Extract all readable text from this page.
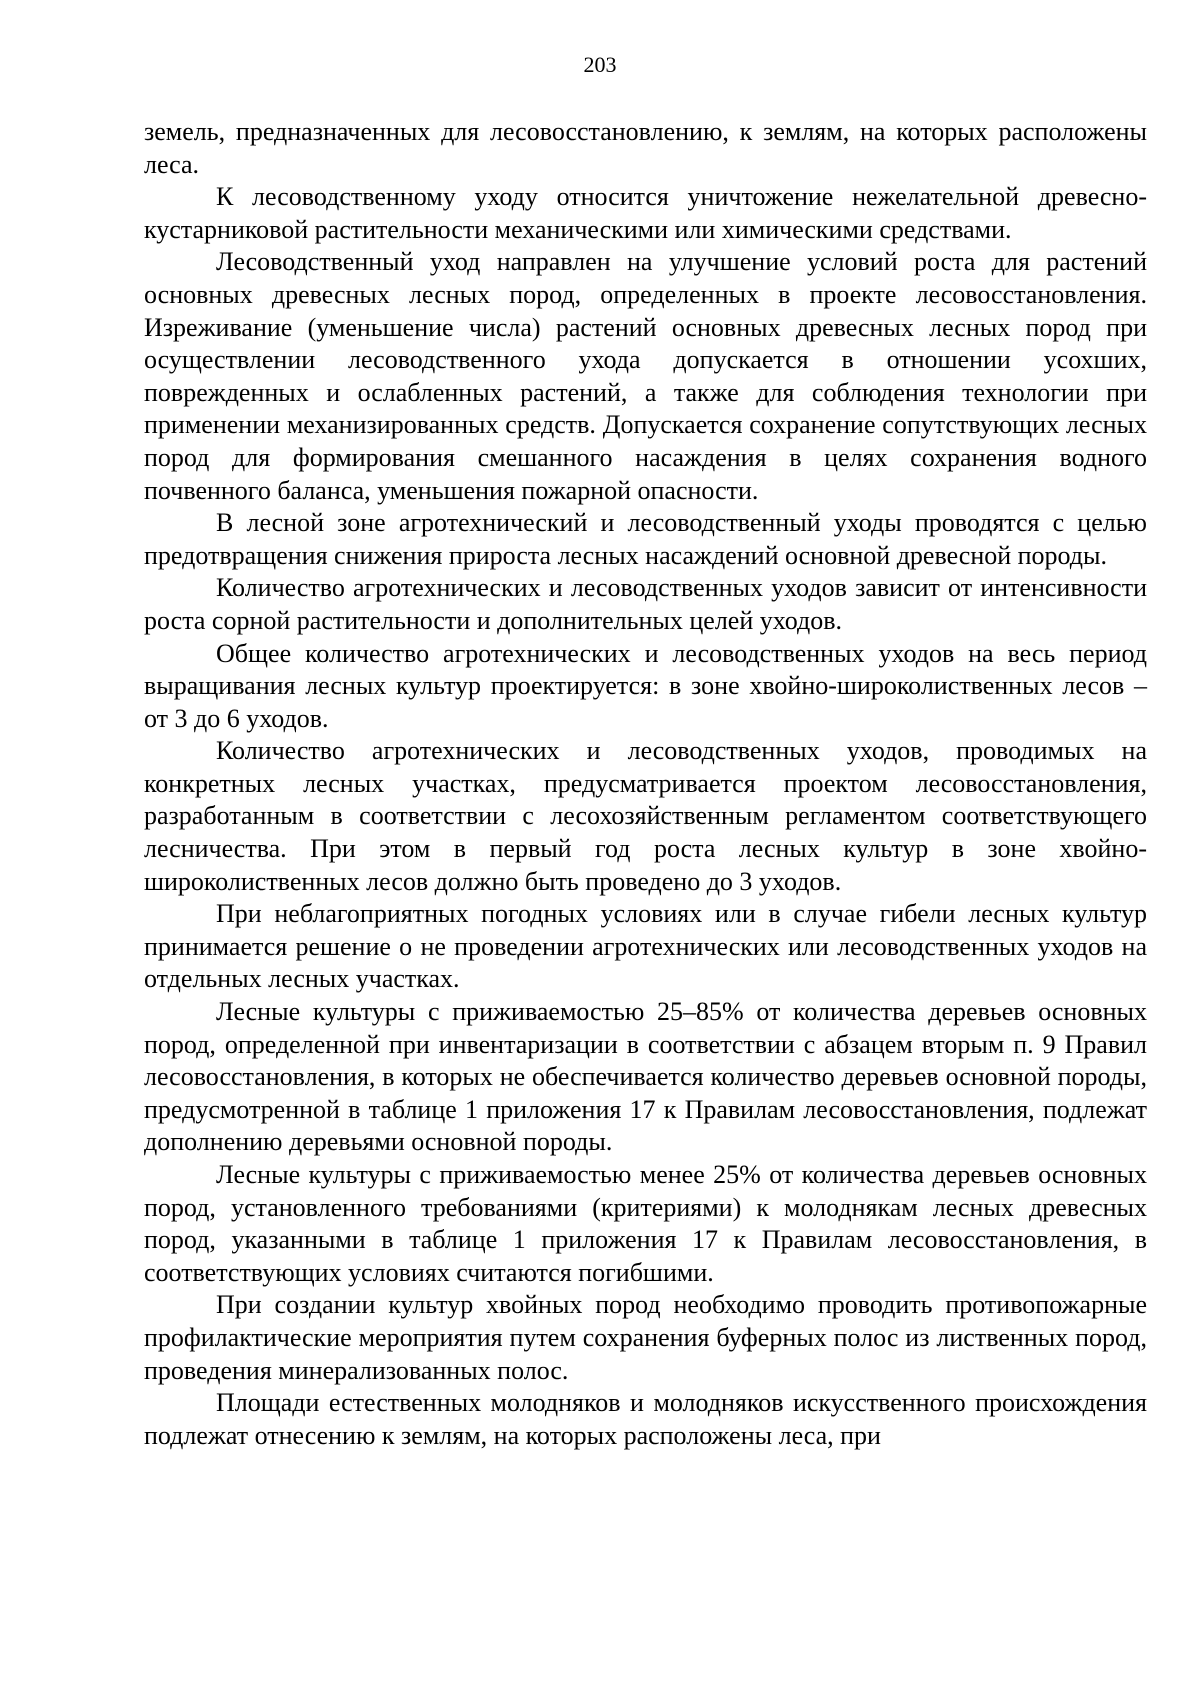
203

земель, предназначенных для лесовосстановлению, к землям, на которых расположены леса.

К лесоводственному уходу относится уничтожение нежелательной древесно-кустарниковой растительности механическими или химическими средствами.

Лесоводственный уход направлен на улучшение условий роста для растений основных древесных лесных пород, определенных в проекте лесовосстановления. Изреживание (уменьшение числа) растений основных древесных лесных пород при осуществлении лесоводственного ухода допускается в отношении усохших, поврежденных и ослабленных растений, а также для соблюдения технологии при применении механизированных средств. Допускается сохранение сопутствующих лесных пород для формирования смешанного насаждения в целях сохранения водного почвенного баланса, уменьшения пожарной опасности.

В лесной зоне агротехнический и лесоводственный уходы проводятся с целью предотвращения снижения прироста лесных насаждений основной древесной породы.

Количество агротехнических и лесоводственных уходов зависит от интенсивности роста сорной растительности и дополнительных целей уходов.

Общее количество агротехнических и лесоводственных уходов на весь период выращивания лесных культур проектируется: в зоне хвойно-широколиственных лесов – от 3 до 6 уходов.

Количество агротехнических и лесоводственных уходов, проводимых на конкретных лесных участках, предусматривается проектом лесовосстановления, разработанным в соответствии с лесохозяйственным регламентом соответствующего лесничества. При этом в первый год роста лесных культур в зоне хвойно-широколиственных лесов должно быть проведено до 3 уходов.

При неблагоприятных погодных условиях или в случае гибели лесных культур принимается решение о не проведении агротехнических или лесоводственных уходов на отдельных лесных участках.

Лесные культуры с приживаемостью 25–85% от количества деревьев основных пород, определенной при инвентаризации в соответствии с абзацем вторым п. 9 Правил лесовосстановления, в которых не обеспечивается количество деревьев основной породы, предусмотренной в таблице 1 приложения 17 к Правилам лесовосстановления, подлежат дополнению деревьями основной породы.

Лесные культуры с приживаемостью менее 25% от количества деревьев основных пород, установленного требованиями (критериями) к молоднякам лесных древесных пород, указанными в таблице 1 приложения 17 к Правилам лесовосстановления, в соответствующих условиях считаются погибшими.

При создании культур хвойных пород необходимо проводить противопожарные профилактические мероприятия путем сохранения буферных полос из лиственных пород, проведения минерализованных полос.

Площади естественных молодняков и молодняков искусственного происхождения подлежат отнесению к землям, на которых расположены леса, при
